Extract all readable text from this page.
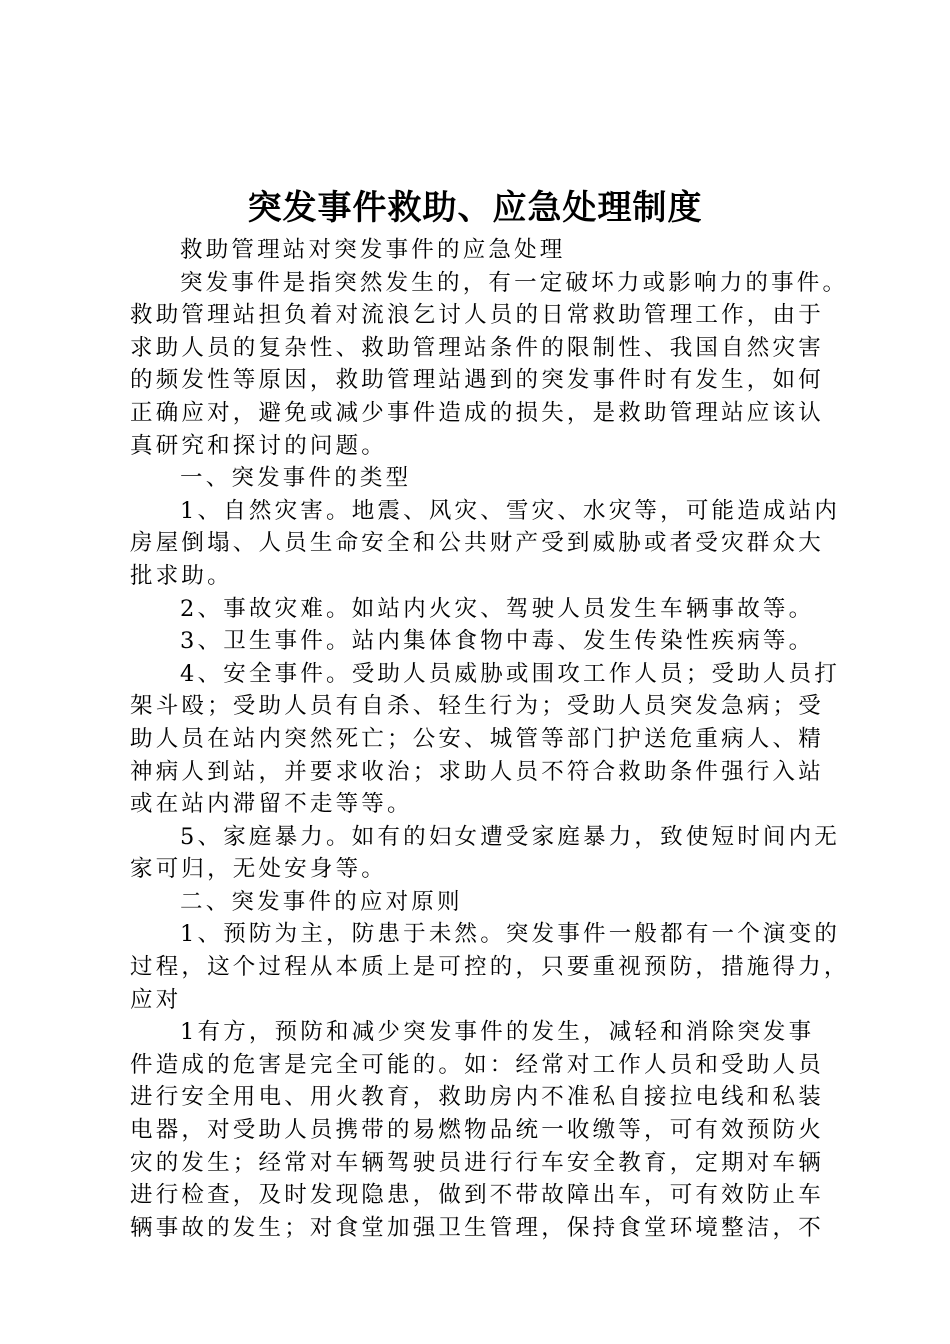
突发事件救助、应急处理制度
救助管理站对突发事件的应急处理
突发事件是指突然发生的，有一定破坏力或影响力的事件。
救助管理站担负着对流浪乞讨人员的日常救助管理工作，由于
求助人员的复杂性、救助管理站条件的限制性、我国自然灾害
的频发性等原因，救助管理站遇到的突发事件时有发生，如何
正确应对，避免或减少事件造成的损失，是救助管理站应该认
真研究和探讨的问题。
一、突发事件的类型
1、自然灾害。地震、风灾、雪灾、水灾等，可能造成站内
房屋倒塌、人员生命安全和公共财产受到威胁或者受灾群众大
批求助。
2、事故灾难。如站内火灾、驾驶人员发生车辆事故等。
3、卫生事件。站内集体食物中毒、发生传染性疾病等。
4、安全事件。受助人员威胁或围攻工作人员；受助人员打
架斗殴；受助人员有自杀、轻生行为；受助人员突发急病；受
助人员在站内突然死亡；公安、城管等部门护送危重病人、精
神病人到站，并要求收治；求助人员不符合救助条件强行入站
或在站内滞留不走等等。
5、家庭暴力。如有的妇女遭受家庭暴力，致使短时间内无
家可归，无处安身等。
二、突发事件的应对原则
1、预防为主，防患于未然。突发事件一般都有一个演变的
过程，这个过程从本质上是可控的，只要重视预防，措施得力，
应对
1有方，预防和减少突发事件的发生，减轻和消除突发事
件造成的危害是完全可能的。如：经常对工作人员和受助人员
进行安全用电、用火教育，救助房内不准私自接拉电线和私装
电器，对受助人员携带的易燃物品统一收缴等，可有效预防火
灾的发生；经常对车辆驾驶员进行行车安全教育，定期对车辆
进行检查，及时发现隐患，做到不带故障出车，可有效防止车
辆事故的发生；对食堂加强卫生管理，保持食堂环境整洁，不
